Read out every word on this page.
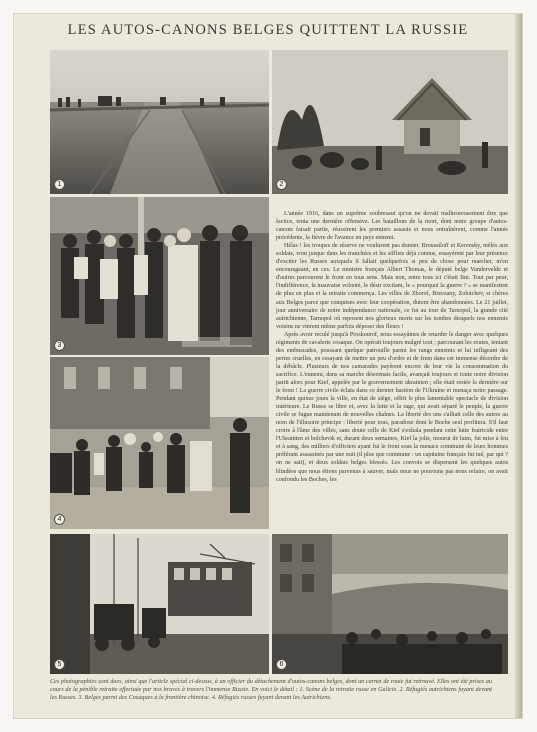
LES AUTOS-CANONS BELGES QUITTENT LA RUSSIE
1	2
3
4
5	6

L'année 1916, dans un suprême soubresaut qu'on ne devait malheureusement être que factice, tenta une dernière offensive. Les bataillons de la mort, dont notre groupe d'autos-canons faisait partie, réussirent les premiers assauts et nous entraînèrent, comme l'année précédente, la fièvre de l'avance en pays ennemi.

Hélas ! les troupes de réserve ne voulurent pas donner. Broussiloff et Kerensky, mêlés aux soldats, vont jusque dans les tranchées et les sifflets déjà connus, essayèrent par leur présence d'exciter les Russes auxquels il fallait quelquefois si peu de chose pour marcher, m'en encourageant, en ces. Le ministre français Albert Thomas, le député belge Vandervelde et d'autres parcourent le front en tous sens. Mais non, entre tous ici c'était fini. Tout par peur, l'indifférence, la mauvaise volonté, le désir excitant, le « pourquoi la guerre ? » se manifestent de plus en plus et la retraite commença. Les villes de Zborof, Brzezany, Zolotchev, si chères aux Belges parce que conquises avec leur coopération, durent être abandonnées. Le 21 juillet, jour anniversaire de notre indépendance nationale, ce fut au tour de Tarnopol, la grande cité autrichienne, Tarnopol où reposent nos glorieux morts sur les tombes desquels nos ennemis voisins ne vinrent même parfois déposer des fleurs !

Après avoir reculé jusqu'à Proskourof, nous essayâmes de retarder le danger avec quelques régiments de cavalerie cosaque. On opérait toujours malgré tout ; parcourant les routes, tentant des embuscades, poussant quelque patrouille parmi les rangs ennemis et lui infligeant des pertes cruelles, en essayant de mettre un peu d'ordre et de frein dans cet immense désordre de la débâcle. Plusieurs de nos camarades payèrent encore de leur vie la consommation du sacrifice. L'ennemi, dans sa marche désormais facile, avançait toujours et toute notre division partit alors pour Kief, appelée par le gouvernement ukrainien ; elle était restée la dernière sur le front ! La guerre civile éclata dans ce dernier bastion de l'Ukraine et menaça notre passage. Pendant quinze jours la ville, en état de siège, offrit le plus lamentable spectacle de division intérieure. Le Russe se libre et, avec la lutte et la rage, qui avait séparé le peuple, la guerre civile se fugue maintenant de nouvelles chaînes. La liberté des uns s'alliait celle des autres au nom de l'illusoire principe : liberté pour tous, paradoxe dont le Boche seul profitera. S'il faut croire à l'âme des villes, sans doute celle de Kief s'exhala pendant cette lutte fratricide entre l'Ukrainien et bolchevik et, durant deux semaines, Kief la jolie, mourut de faim, fut mise à feu et à sang, des milliers d'officiers ayant fui le front sous la menace commune de leurs hommes préférant assassinés par une nuit (il plus que commune : un capitaine français fut tué, par qui ? on ne sait), et deux soldats belges blessés. Les convois se dispersent les quelques autos blindées que nous étions parvenus à sauver, mais nous ne pouvions pas nous refaire, on avait confondu les Boches, les

Ces photographies sont dues, ainsi que l'article spécial ci-dessus, à un officier du détachement d'autos-canons belges, dont un carnet de route fut retrouvé. Elles ont été prises au cours de la pénible retraite effectuée par nos braves à travers l'immense Russie. En voici le détail : 1. Scène de la retraite russe en Galicie. 2. Réfugiés autrichiens fuyant devant les Russes. 3. Belges parmi des Cosaques à la frontière chinoise. 4. Réfugiés russes fuyant devant les Autrichiens.
